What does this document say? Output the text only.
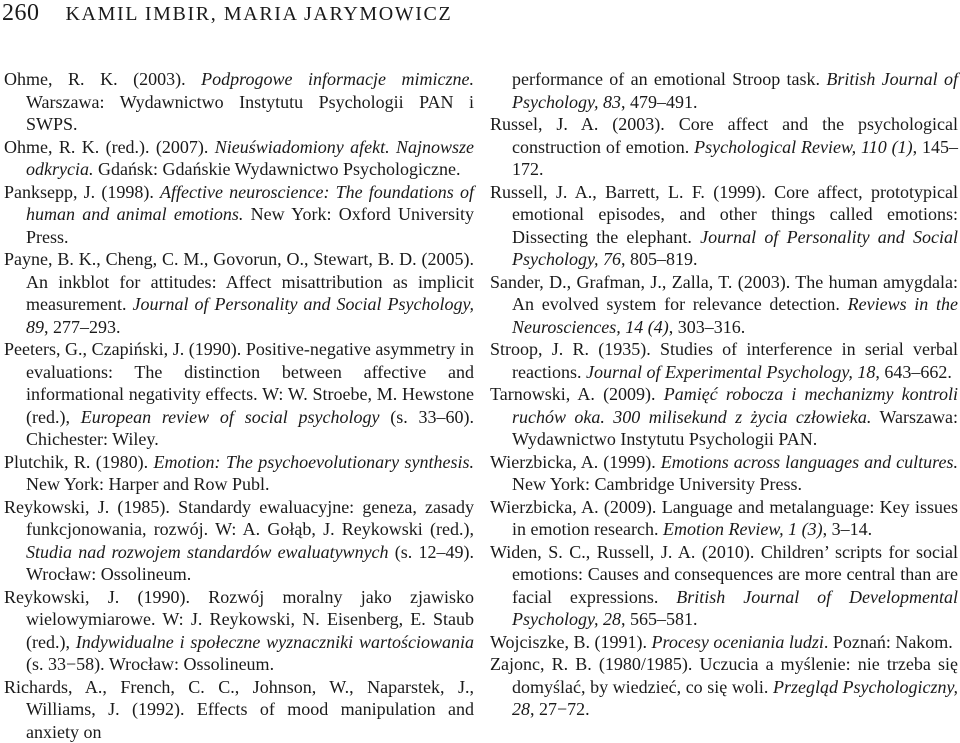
260 KAMIL IMBIR, MARIA JARYMOWICZ
Ohme, R. K. (2003). Podprogowe informacje mimiczne. Warszawa: Wydawnictwo Instytutu Psychologii PAN i SWPS.
Ohme, R. K. (red.). (2007). Nieuświadomiony afekt. Najnowsze odkrycia. Gdańsk: Gdańskie Wydawnictwo Psychologiczne.
Panksepp, J. (1998). Affective neuroscience: The foundations of human and animal emotions. New York: Oxford University Press.
Payne, B. K., Cheng, C. M., Govorun, O., Stewart, B. D. (2005). An inkblot for attitudes: Affect misattribution as implicit measurement. Journal of Personality and Social Psychology, 89, 277–293.
Peeters, G., Czapiński, J. (1990). Positive-negative asymmetry in evaluations: The distinction between affective and informational negativity effects. W: W. Stroebe, M. Hewstone (red.), European review of social psychology (s. 33–60). Chichester: Wiley.
Plutchik, R. (1980). Emotion: The psychoevolutionary synthesis. New York: Harper and Row Publ.
Reykowski, J. (1985). Standardy ewaluacyjne: geneza, zasady funkcjonowania, rozwój. W: A. Gołąb, J. Reykowski (red.), Studia nad rozwojem standardów ewaluatywnych (s. 12–49). Wrocław: Ossolineum.
Reykowski, J. (1990). Rozwój moralny jako zjawisko wielowymiarowe. W: J. Reykowski, N. Eisenberg, E. Staub (red.), Indywidualne i społeczne wyznaczniki wartościowania (s. 33−58). Wrocław: Ossolineum.
Richards, A., French, C. C., Johnson, W., Naparstek, J., Williams, J. (1992). Effects of mood manipulation and anxiety on
performance of an emotional Stroop task. British Journal of Psychology, 83, 479–491.
Russel, J. A. (2003). Core affect and the psychological construction of emotion. Psychological Review, 110 (1), 145–172.
Russell, J. A., Barrett, L. F. (1999). Core affect, prototypical emotional episodes, and other things called emotions: Dissecting the elephant. Journal of Personality and Social Psychology, 76, 805–819.
Sander, D., Grafman, J., Zalla, T. (2003). The human amygdala: An evolved system for relevance detection. Reviews in the Neurosciences, 14 (4), 303–316.
Stroop, J. R. (1935). Studies of interference in serial verbal reactions. Journal of Experimental Psychology, 18, 643–662.
Tarnowski, A. (2009). Pamięć robocza i mechanizmy kontroli ruchów oka. 300 milisekund z życia człowieka. Warszawa: Wydawnictwo Instytutu Psychologii PAN.
Wierzbicka, A. (1999). Emotions across languages and cultures. New York: Cambridge University Press.
Wierzbicka, A. (2009). Language and metalanguage: Key issues in emotion research. Emotion Review, 1 (3), 3–14.
Widen, S. C., Russell, J. A. (2010). Children’ scripts for social emotions: Causes and consequences are more central than are facial expressions. British Journal of Developmental Psychology, 28, 565–581.
Wojciszke, B. (1991). Procesy oceniania ludzi. Poznań: Nakom.
Zajonc, R. B. (1980/1985). Uczucia a myślenie: nie trzeba się domyślać, by wiedzieć, co się woli. Przegląd Psychologiczny, 28, 27−72.
